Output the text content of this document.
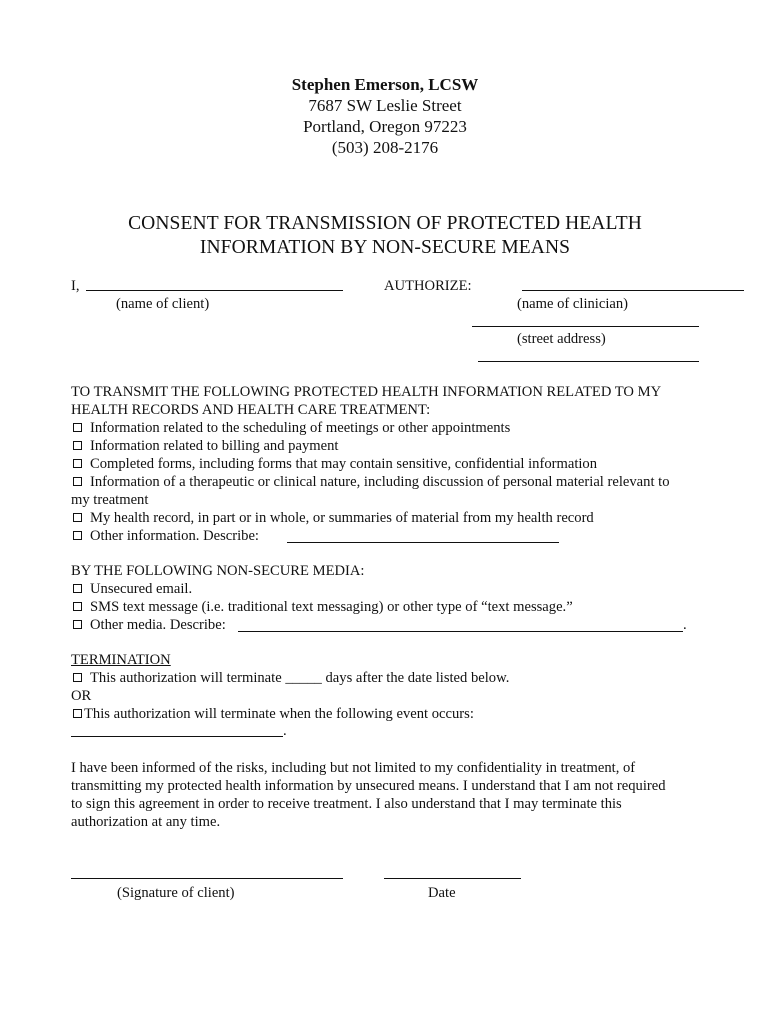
Stephen Emerson, LCSW
7687 SW Leslie Street
Portland, Oregon 97223
(503) 208-2176
CONSENT FOR TRANSMISSION OF PROTECTED HEALTH
INFORMATION BY NON-SECURE MEANS
I,	AUTHORIZE:
(name of client)	(name of clinician)
(street address)
TO TRANSMIT THE FOLLOWING PROTECTED HEALTH INFORMATION RELATED TO MY
HEALTH RECORDS AND HEALTH CARE TREATMENT:
Information related to the scheduling of meetings or other appointments
Information related to billing and payment
Completed forms, including forms that may contain sensitive, confidential information
Information of a therapeutic or clinical nature, including discussion of personal material relevant to
my treatment
My health record, in part or in whole, or summaries of material from my health record
Other information. Describe:
BY THE FOLLOWING NON-SECURE MEDIA:
Unsecured email.
SMS text message (i.e. traditional text messaging) or other type of “text message.”
Other media. Describe:	.
TERMINATION
This authorization will terminate _____ days after the date listed below.
OR
This authorization will terminate when the following event occurs:
.
I have been informed of the risks, including but not limited to my confidentiality in treatment, of
transmitting my protected health information by unsecured means. I understand that I am not required
to sign this agreement in order to receive treatment. I also understand that I may terminate this
authorization at any time.
(Signature of client)	Date
